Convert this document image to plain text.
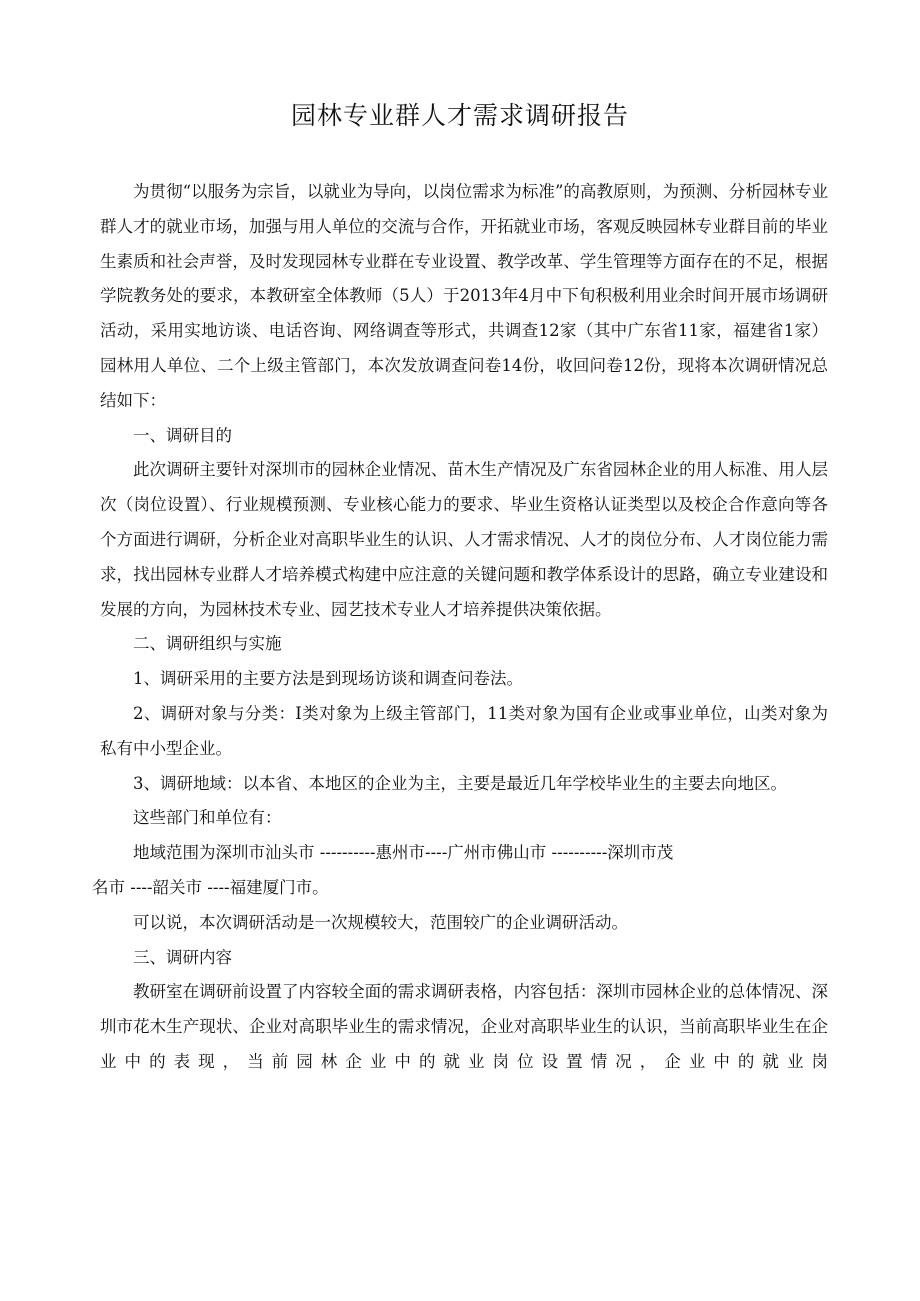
园林专业群人才需求调研报告

为贯彻“以服务为宗旨，以就业为导向，以岗位需求为标准”的高教原则，为预测、分析园林专业群人才的就业市场，加强与用人单位的交流与合作，开拓就业市场，客观反映园林专业群目前的毕业生素质和社会声誉，及时发现园林专业群在专业设置、教学改革、学生管理等方面存在的不足，根据学院教务处的要求，本教研室全体教师（5人）于2013年4月中下旬积极利用业余时间开展市场调研活动，采用实地访谈、电话咨询、网络调查等形式，共调查12家（其中广东省11家，福建省1家）园林用人单位、二个上级主管部门，本次发放调查问卷14份，收回问卷12份，现将本次调研情况总结如下：

一、调研目的

此次调研主要针对深圳市的园林企业情况、苗木生产情况及广东省园林企业的用人标准、用人层次（岗位设置）、行业规模预测、专业核心能力的要求、毕业生资格认证类型以及校企合作意向等各个方面进行调研，分析企业对高职毕业生的认识、人才需求情况、人才的岗位分布、人才岗位能力需求，找出园林专业群人才培养模式构建中应注意的关键问题和教学体系设计的思路，确立专业建设和发展的方向，为园林技术专业、园艺技术专业人才培养提供决策依据。

二、调研组织与实施

1、调研采用的主要方法是到现场访谈和调查问卷法。

2、调研对象与分类：I类对象为上级主管部门，11类对象为国有企业或事业单位，山类对象为私有中小型企业。

3、调研地域：以本省、本地区的企业为主，主要是最近几年学校毕业生的主要去向地区。

这些部门和单位有：

地域范围为深圳市汕头市 ----------惠州市----广州市佛山市 ----------深圳市茂

名市 ----韶关市 ----福建厦门市。

可以说，本次调研活动是一次规模较大，范围较广的企业调研活动。

三、调研内容

教研室在调研前设置了内容较全面的需求调研表格，内容包括：深圳市园林企业的总体情况、深圳市花木生产现状、企业对高职毕业生的需求情况，企业对高职毕业生的认识，当前高职毕业生在企业中的表现，当前园林企业中的就业岗位设置情况，企业中的就业岗
